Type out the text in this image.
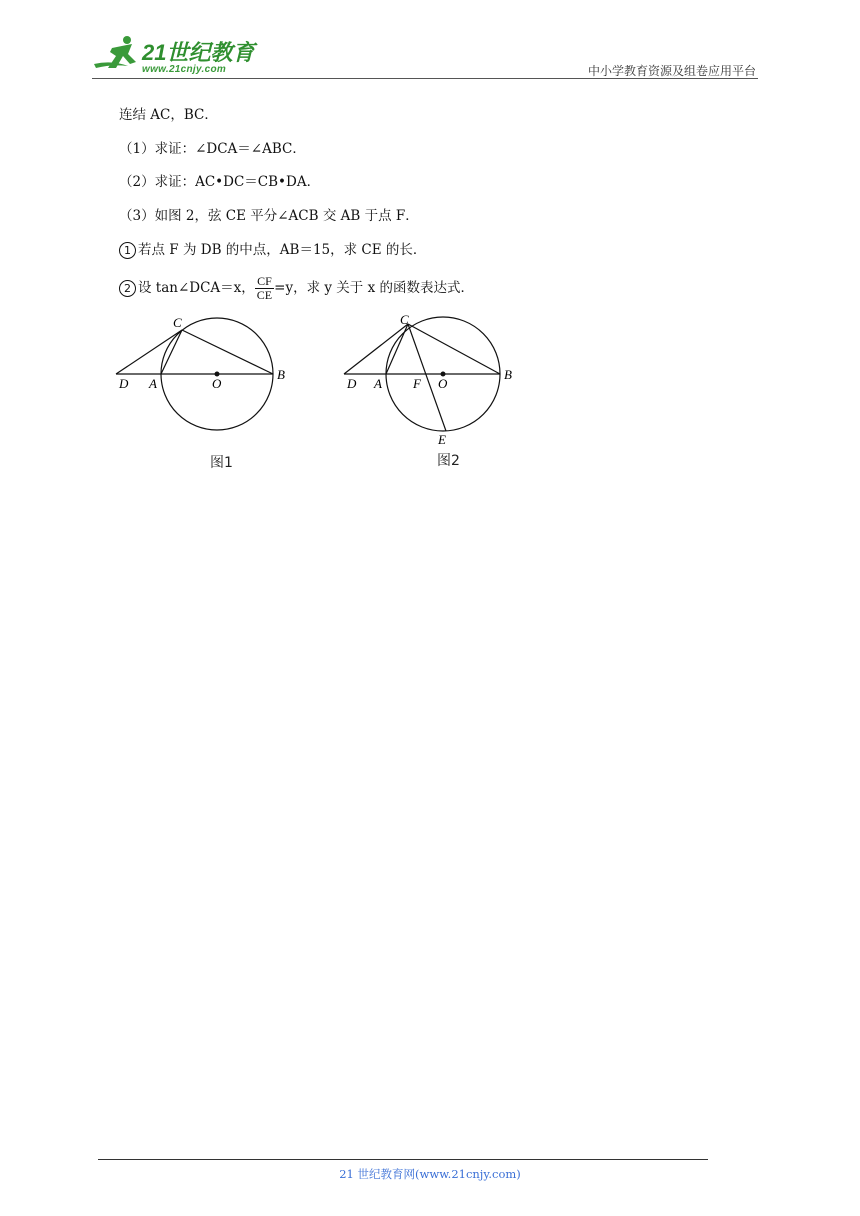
21世纪教育
www.21cnjy.com	中小学教育资源及组卷应用平台
连结 AC，BC．
（1）求证：∠DCA＝∠ABC．
（2）求证：AC•DC＝CB•DA．
（3）如图 2，弦 CE 平分∠ACB 交 AB 于点 F．
1 若点 F 为 DB 的中点，AB＝15，求 CE 的长．
2 设 tan∠DCA＝x， $\frac{CF}{CE} =y$，求 y 关于 x 的函数表达式．
C
D A	O
B
图1
C
D A F O
B
E
图2
21 世纪教育网(www.21cnjy.com)
